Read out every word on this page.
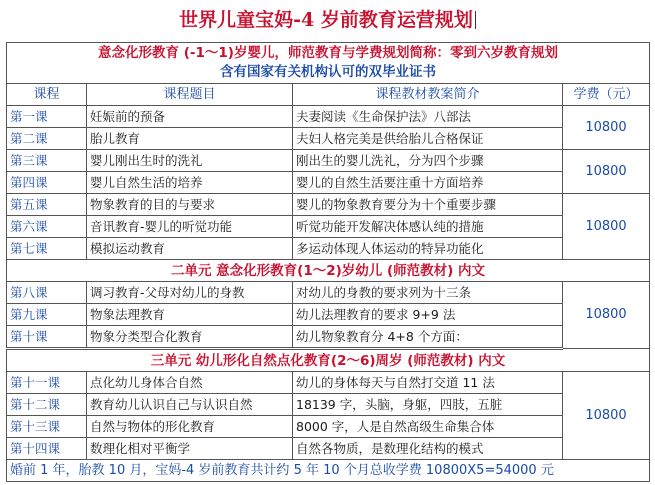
世界儿童宝妈-4 岁前教育运营规划
意念化形教育 (-1～1)岁婴儿，师范教育与学费规划简称：零到六岁教育规划
含有国家有关机构认可的双毕业证书			

课程	课程题目	课程教材教案简介	学费（元）
第一课	妊娠前的预备	夫妻阅读《生命保护法》八部法	10800
第二课	胎儿教育	夫妇人格完美是供给胎儿合格保证	
第三课	婴儿刚出生时的洗礼	刚出生的婴儿洗礼，分为四个步骤	10800
第四课	婴儿自然生活的培养	婴儿的自然生活要注重十方面培养	
第五课	物象教育的目的与要求	婴儿的物象教育要分为十个重要步骤	10800
第六课	音讯教育-婴儿的听觉功能	听觉功能开发解决体感认纯的措施	
第七课	模拟运动教育	多运动体现人体运动的特异功能化	
二单元 意念化形教育(1～2)岁幼儿 (师范教材) 内文			
第八课	调习教育-父母对幼儿的身教	对幼儿的身教的要求列为十三条	10800
第九课	物象法理教育	幼儿法理教育的要求 9+9 法	
第十课	物象分类型合化教育	幼儿物象教育分 4+8 个方面：	
三单元 幼儿形化自然点化教育(2～6)周岁 (师范教材) 内文			
第十一课	点化幼儿身体合自然	幼儿的身体每天与自然打交道 11 法	10800
第十二课	教育幼儿认识自己与认识自然	18139 字，头脑，身躯，四肢，五脏	
第十三课	自然与物体的形化教育	8000 字，人是自然高级生命集合体	
第十四课	数理化相对平衡学	自然各物质，是数理化结构的模式	
婚前 1 年，胎教 10 月，宝妈-4 岁前教育共计约 5 年 10 个月总收学费 10800X5=54000 元			
